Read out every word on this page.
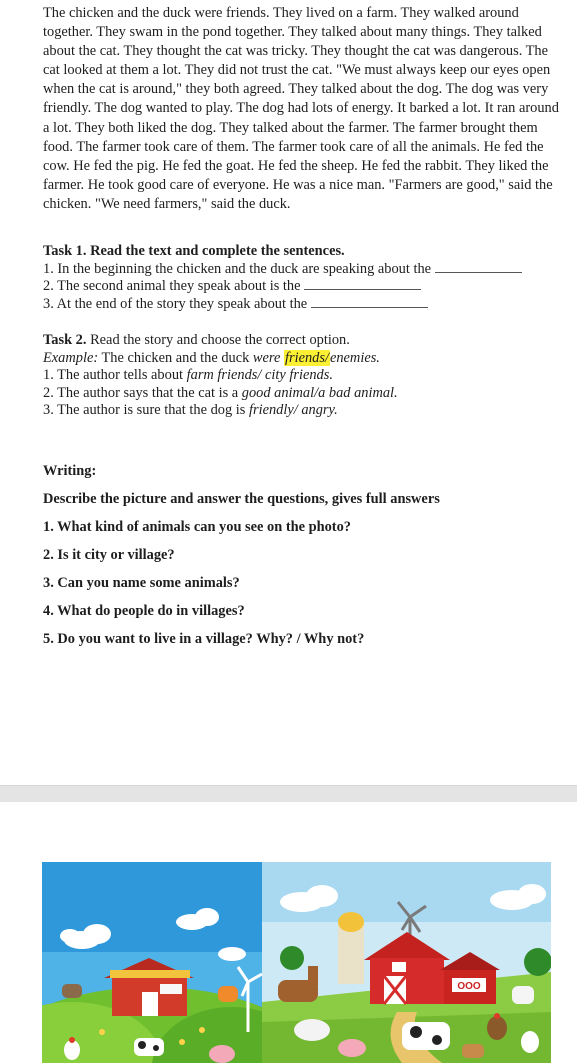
The chicken and the duck were friends. They lived on a farm. They walked around together. They swam in the pond together. They talked about many things. They talked about the cat. They thought the cat was tricky. They thought the cat was dangerous. The cat looked at them a lot. They did not trust the cat. "We must always keep our eyes open when the cat is around," they both agreed. They talked about the dog. The dog was very friendly. The dog wanted to play. The dog had lots of energy. It barked a lot. It ran around a lot. They both liked the dog. They talked about the farmer. The farmer brought them food. The farmer took care of them. The farmer took care of all the animals. He fed the cow. He fed the pig. He fed the goat. He fed the sheep. He fed the rabbit. They liked the farmer. He took good care of everyone. He was a nice man. "Farmers are good," said the chicken. "We need farmers," said the duck.
Task 1. Read the text and complete the sentences.
1. In the beginning the chicken and the duck are speaking about the
2. The second animal they speak about is the
3. At the end of the story they speak about the
Task 2. Read the story and choose the correct option.
Example: The chicken and the duck were friends/enemies.
1. The author tells about farm friends/ city friends.
2. The author says that the cat is a good animal/a bad animal.
3. The author is sure that the dog is friendly/ angry.
Writing:
Describe the picture and answer the questions, gives full answers
1. What kind of animals can you see on the photo?
2. Is it city or village?
3. Can you name some animals?
4. What do people do in villages?
5. Do you want to live in a village? Why? / Why not?
OOO
